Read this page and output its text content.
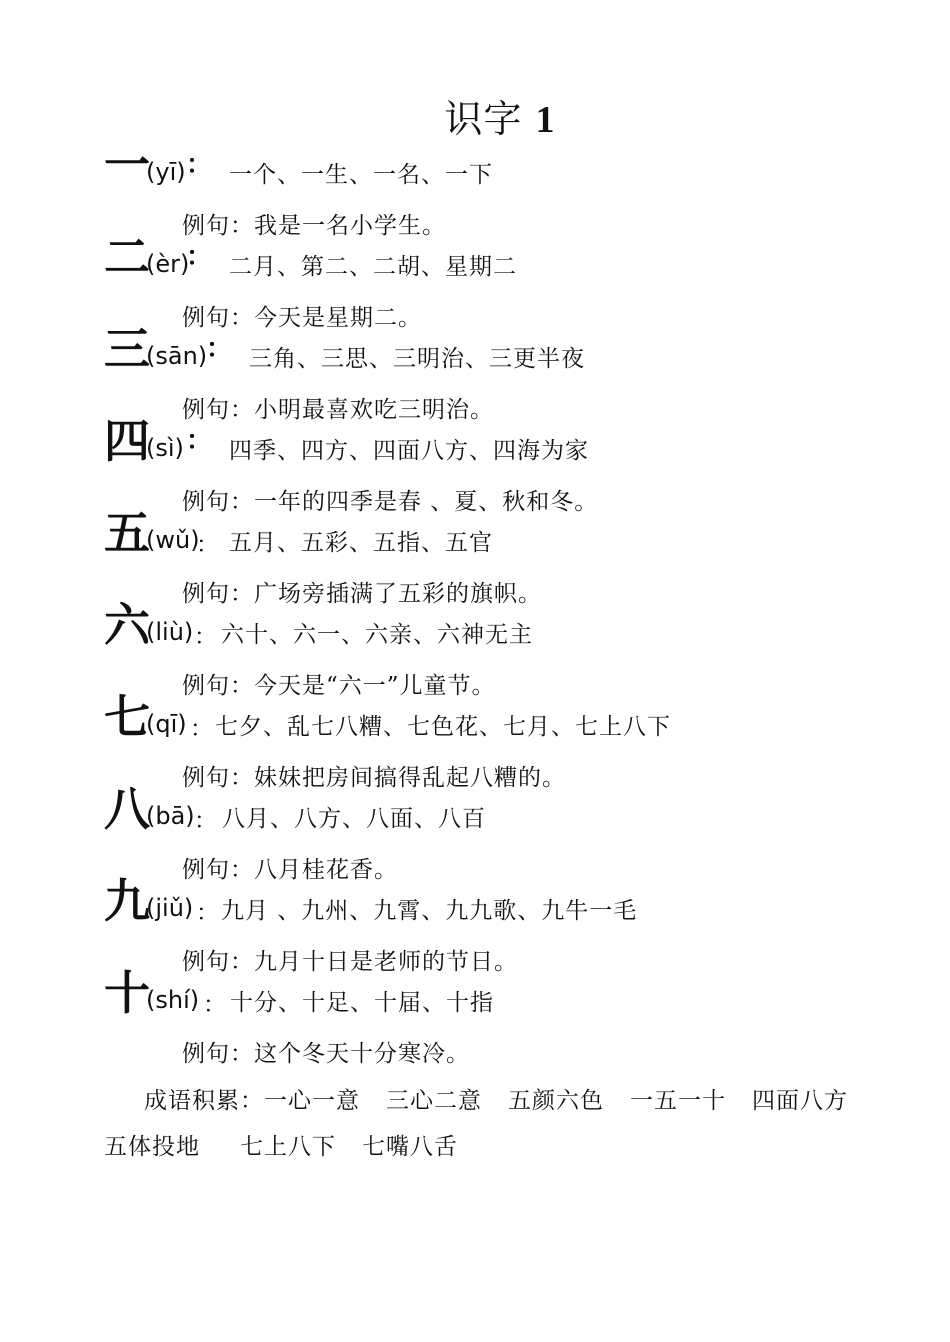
识字 1
一
(yī) ： 一个、一生、一名、一下
例句：我是一名小学生。
二
(èr)
： 二月、第二、二胡、星期二
例句：今天是星期二。
三
(sān)
： 三角、三思、三明治、三更半夜
例句：小明最喜欢吃三明治。
四
(sì) ： 四季、四方、四面八方、四海为家
例句：一年的四季是春 、夏、秋和冬。
五
(wǔ)
： 五月、五彩、五指、五官
例句：广场旁插满了五彩的旗帜。
六
(liù) ： 六十、六一、六亲、六神无主
例句：今天是“六一”儿童节。
七
(qī) ： 七夕、乱七八糟、七色花、七月、七上八下
例句：妹妹把房间搞得乱起八糟的。
八
(bā) ： 八月、八方、八面、八百
例句：八月桂花香。
九
(jiǔ) ： 九月 、九州、九霄、九九歌、九牛一毛
例句：九月十日是老师的节日。
十
(shí) ： 十分、十足、十届、十指
例句：这个冬天十分寒冷。
成语积累：一心一意 三心二意 五颜六色 一五一十 四面八方
五体投地 七上八下 七嘴八舌
